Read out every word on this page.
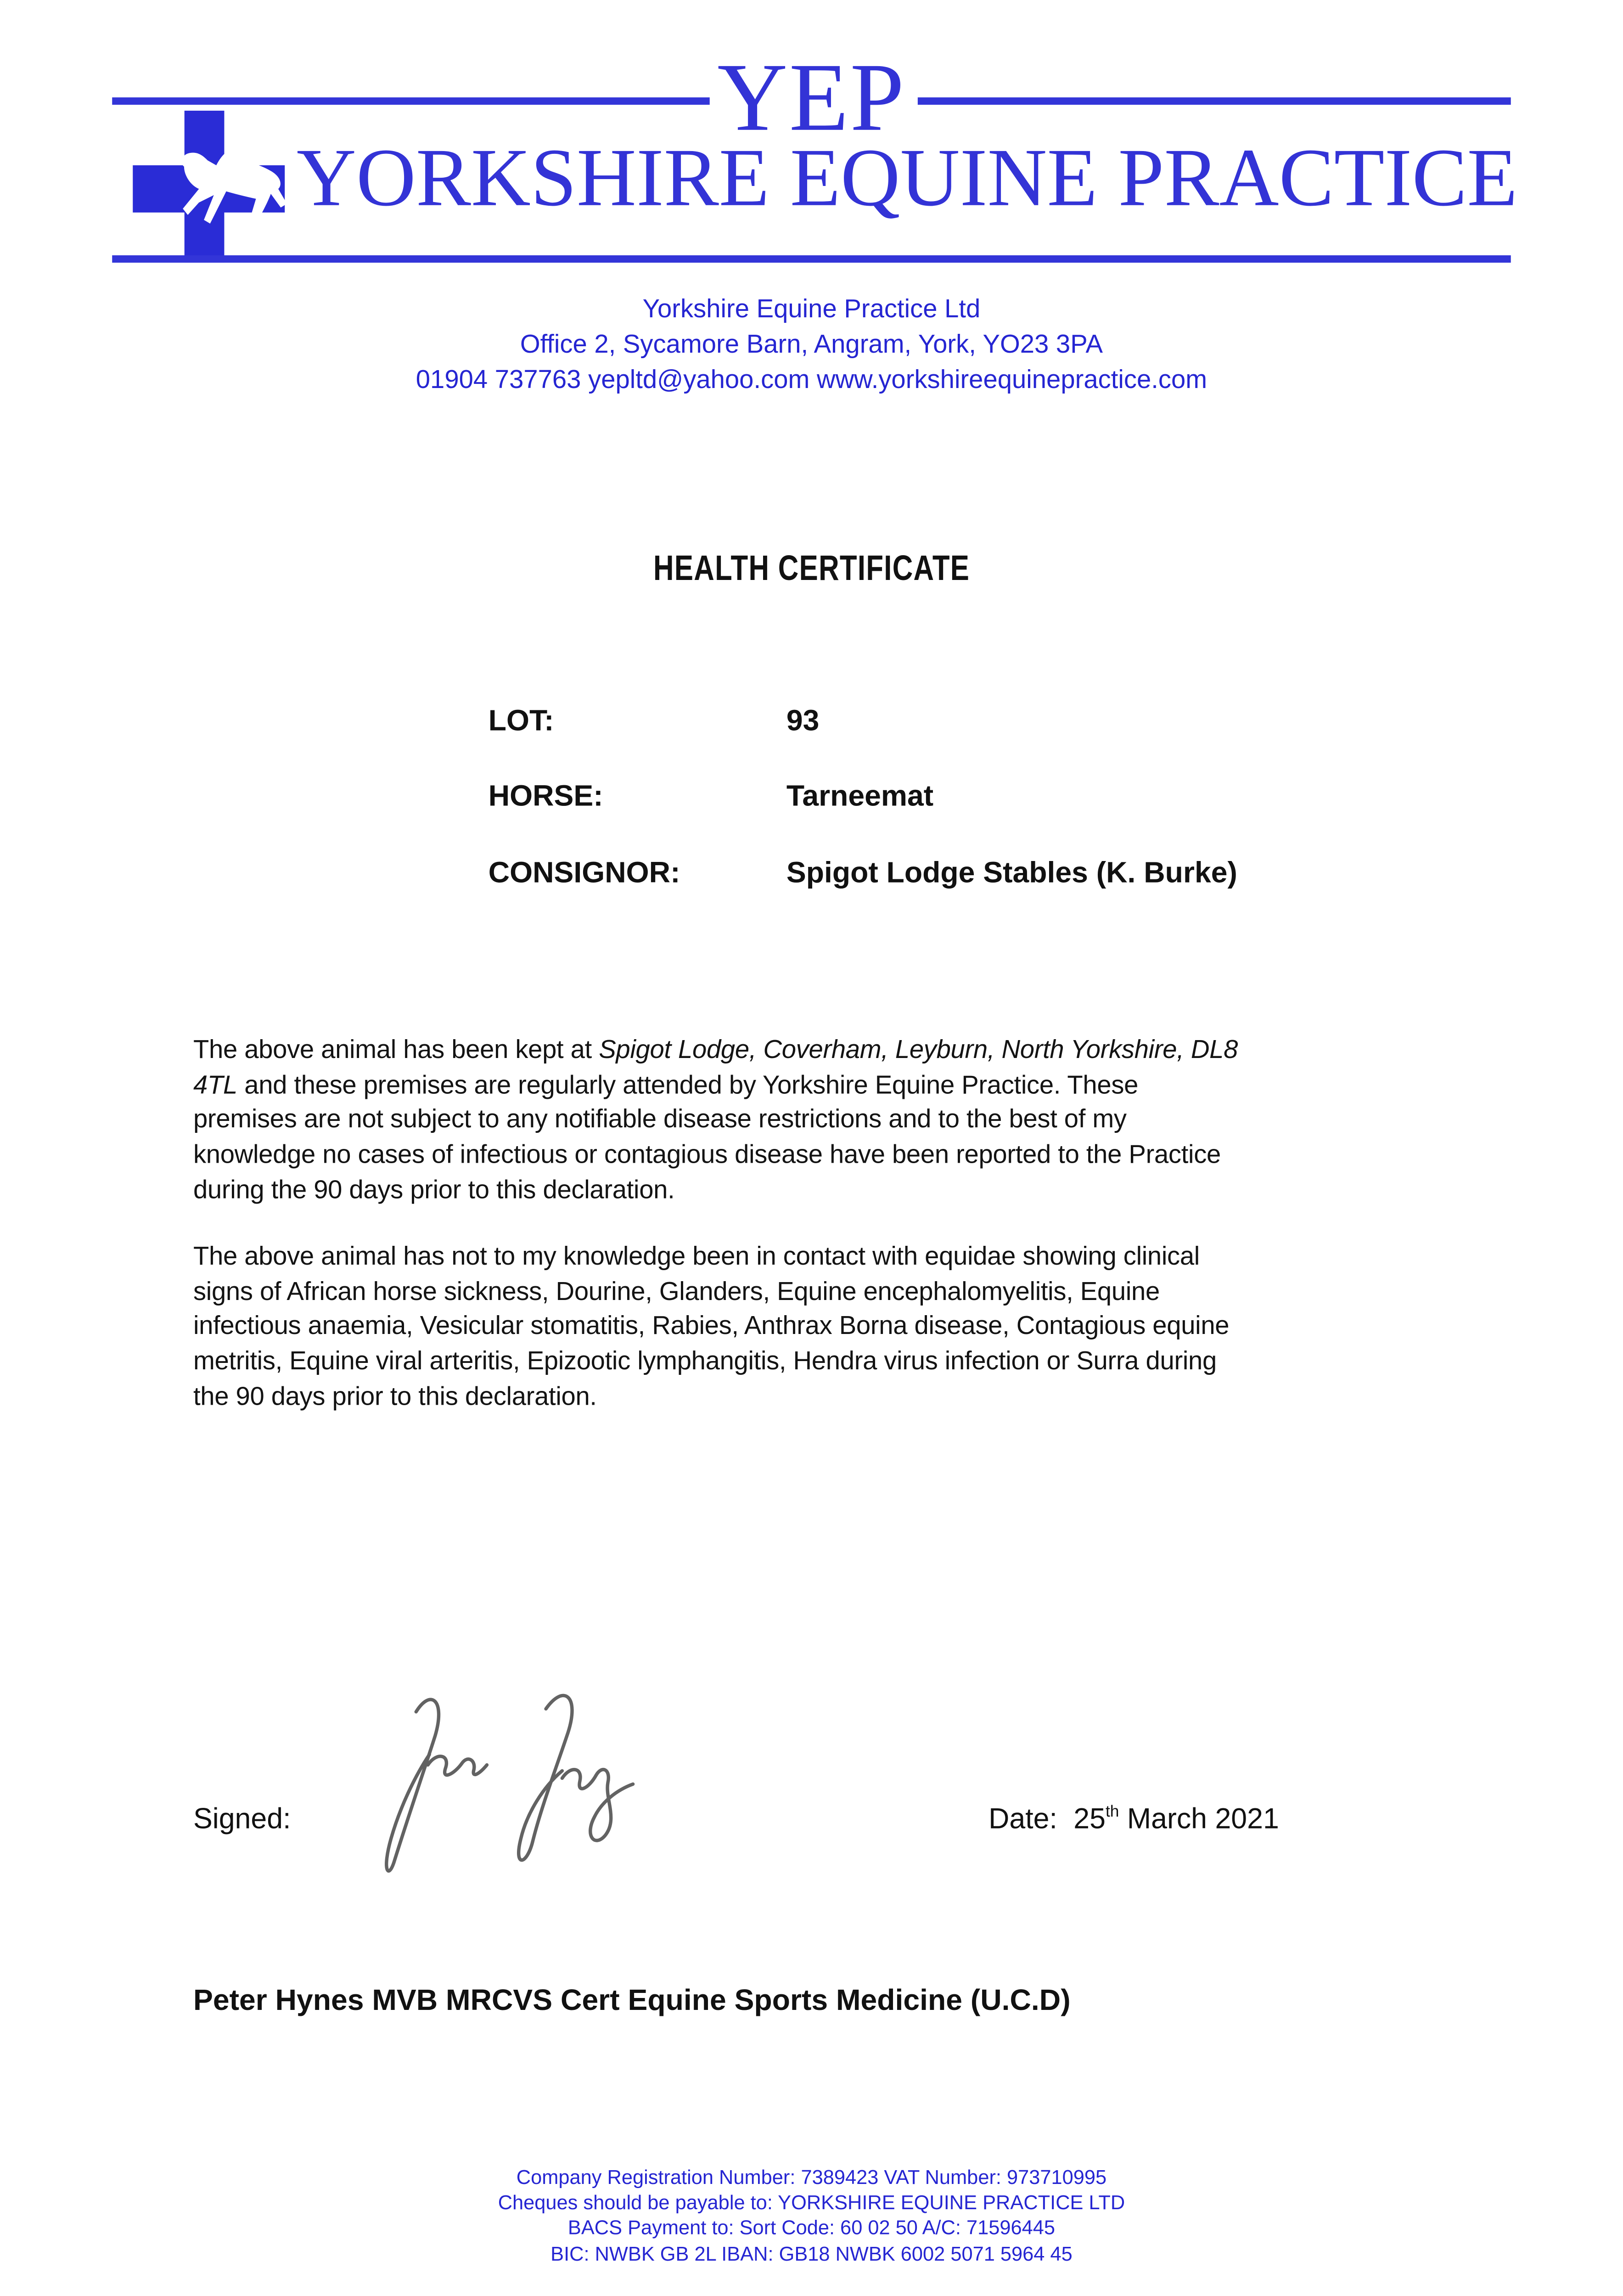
YEP
YORKSHIRE EQUINE PRACTICE
Yorkshire Equine Practice Ltd
Office 2, Sycamore Barn, Angram, York, YO23 3PA
01904 737763 yepltd@yahoo.com www.yorkshireequinepractice.com
HEALTH CERTIFICATE
LOT:	93
HORSE:	Tarneemat
CONSIGNOR:	Spigot Lodge Stables (K. Burke)
The above animal has been kept at Spigot Lodge, Coverham, Leyburn, North Yorkshire, DL8
4TL and these premises are regularly attended by Yorkshire Equine Practice. These
premises are not subject to any notifiable disease restrictions and to the best of my
knowledge no cases of infectious or contagious disease have been reported to the Practice
during the 90 days prior to this declaration.
The above animal has not to my knowledge been in contact with equidae showing clinical
signs of African horse sickness, Dourine, Glanders, Equine encephalomyelitis, Equine
infectious anaemia, Vesicular stomatitis, Rabies, Anthrax Borna disease, Contagious equine
metritis, Equine viral arteritis, Epizootic lymphangitis, Hendra virus infection or Surra during
the 90 days prior to this declaration.
Signed:	Date: 25th March 2021
Peter Hynes MVB MRCVS Cert Equine Sports Medicine (U.C.D)
Company Registration Number: 7389423 VAT Number: 973710995
Cheques should be payable to: YORKSHIRE EQUINE PRACTICE LTD
BACS Payment to: Sort Code: 60 02 50 A/C: 71596445
BIC: NWBK GB 2L IBAN: GB18 NWBK 6002 5071 5964 45
